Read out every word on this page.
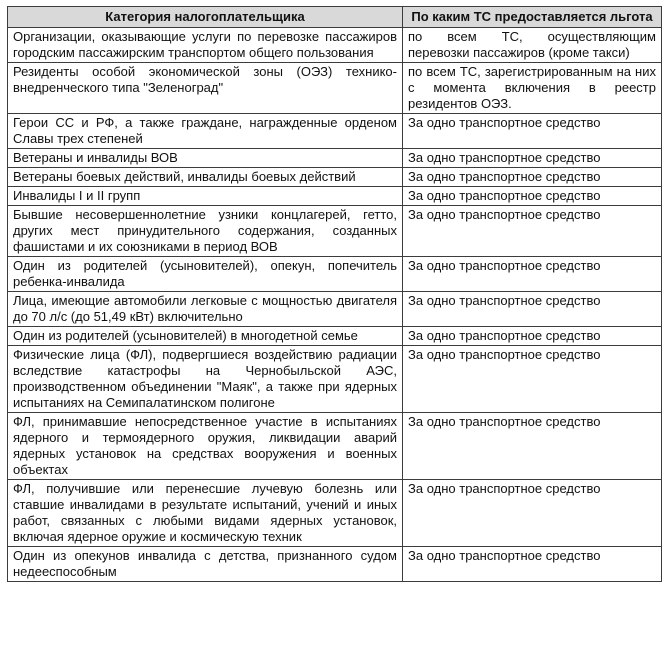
Категория налогоплательщика	По каким ТС предоставляется льгота
Организации, оказывающие услуги по перевозке пассажиров городским пассажирским транспортом общего пользования	по всем ТС, осуществляющим перевозки пассажиров (кроме такси)
Резиденты особой экономической зоны (ОЭЗ) технико-внедренческого типа "Зеленоград"	по всем ТС, зарегистрированным на них с момента включения в реестр резидентов ОЭЗ.
Герои СС и РФ, а также граждане, награжденные орденом Славы трех степеней	За одно транспортное средство
Ветераны и инвалиды ВОВ	За одно транспортное средство
Ветераны боевых действий, инвалиды боевых действий	За одно транспортное средство
Инвалиды I и II групп	За одно транспортное средство
Бывшие несовершеннолетние узники концлагерей, гетто, других мест принудительного содержания, созданных фашистами и их союзниками в период ВОВ	За одно транспортное средство
Один из родителей (усыновителей), опекун, попечитель ребенка-инвалида	За одно транспортное средство
Лица, имеющие автомобили легковые с мощностью двигателя до 70 л/с (до 51,49 кВт) включительно	За одно транспортное средство
Один из родителей (усыновителей) в многодетной семье	За одно транспортное средство
Физические лица (ФЛ), подвергшиеся воздействию радиации вследствие катастрофы на Чернобыльской АЭС, производственном объединении "Маяк", а также при ядерных испытаниях на Семипалатинском полигоне	За одно транспортное средство
ФЛ, принимавшие непосредственное участие в испытаниях ядерного и термоядерного оружия, ликвидации аварий ядерных установок на средствах вооружения и военных объектах	За одно транспортное средство
ФЛ, получившие или перенесшие лучевую болезнь или ставшие инвалидами в результате испытаний, учений и иных работ, связанных с любыми видами ядерных установок, включая ядерное оружие и космическую техник	За одно транспортное средство
Один из опекунов инвалида с детства, признанного судом недееспособным	За одно транспортное средство
